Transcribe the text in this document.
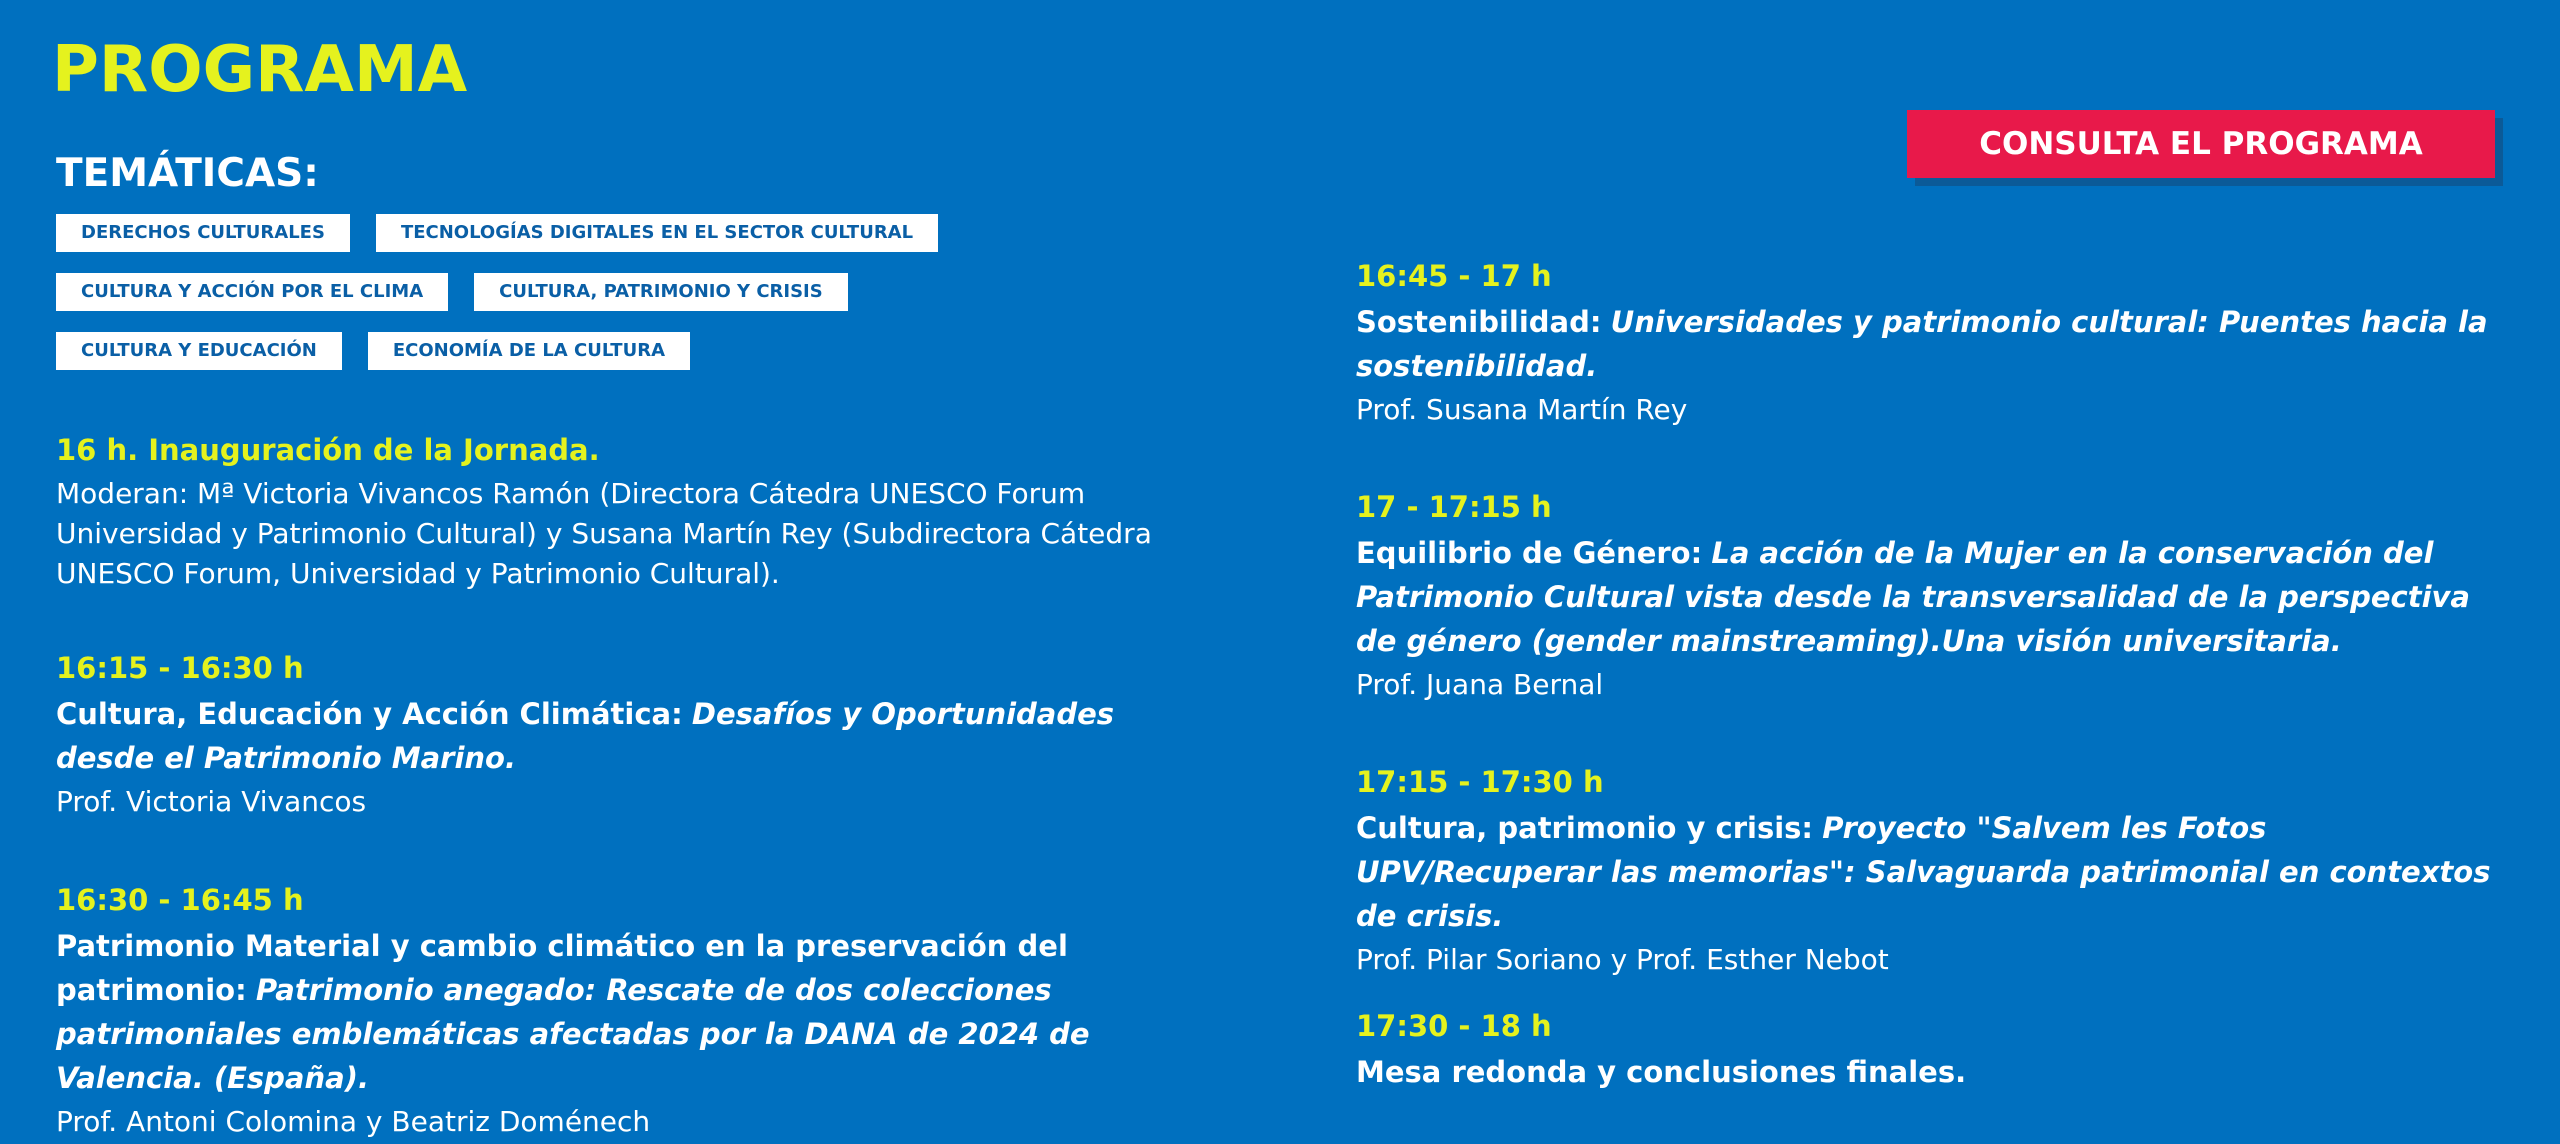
PROGRAMA
CONSULTA EL PROGRAMA
TEMÁTICAS:
DERECHOS CULTURALES	TECNOLOGÍAS DIGITALES EN EL SECTOR CULTURAL
CULTURA Y ACCIÓN POR EL CLIMA	CULTURA, PATRIMONIO Y CRISIS
CULTURA Y EDUCACIÓN	ECONOMÍA DE LA CULTURA

16 h. Inauguración de la Jornada.

Moderan: Mª Victoria Vivancos Ramón (Directora Cátedra UNESCO Forum Universidad y Patrimonio Cultural) y Susana Martín Rey (Subdirectora Cátedra UNESCO Forum, Universidad y Patrimonio Cultural).

16:15 - 16:30 h

Cultura, Educación y Acción Climática: Desafíos y Oportunidades desde el Patrimonio Marino.

Prof. Victoria Vivancos

16:30 - 16:45 h

Patrimonio Material y cambio climático en la preservación del patrimonio: Patrimonio anegado: Rescate de dos colecciones patrimoniales emblemáticas afectadas por la DANA de 2024 de Valencia. (España).

Prof. Antoni Colomina y Beatriz Doménech

16:45 - 17 h

Sostenibilidad: Universidades y patrimonio cultural: Puentes hacia la sostenibilidad.

Prof. Susana Martín Rey

17 - 17:15 h

Equilibrio de Género: La acción de la Mujer en la conservación del Patrimonio Cultural vista desde la transversalidad de la perspectiva de género (gender mainstreaming).Una visión universitaria.

Prof. Juana Bernal

17:15 - 17:30 h

Cultura, patrimonio y crisis: Proyecto "Salvem les Fotos UPV/Recuperar las memorias": Salvaguarda patrimonial en contextos de crisis.

Prof. Pilar Soriano y Prof. Esther Nebot

17:30 - 18 h

Mesa redonda y conclusiones finales.
